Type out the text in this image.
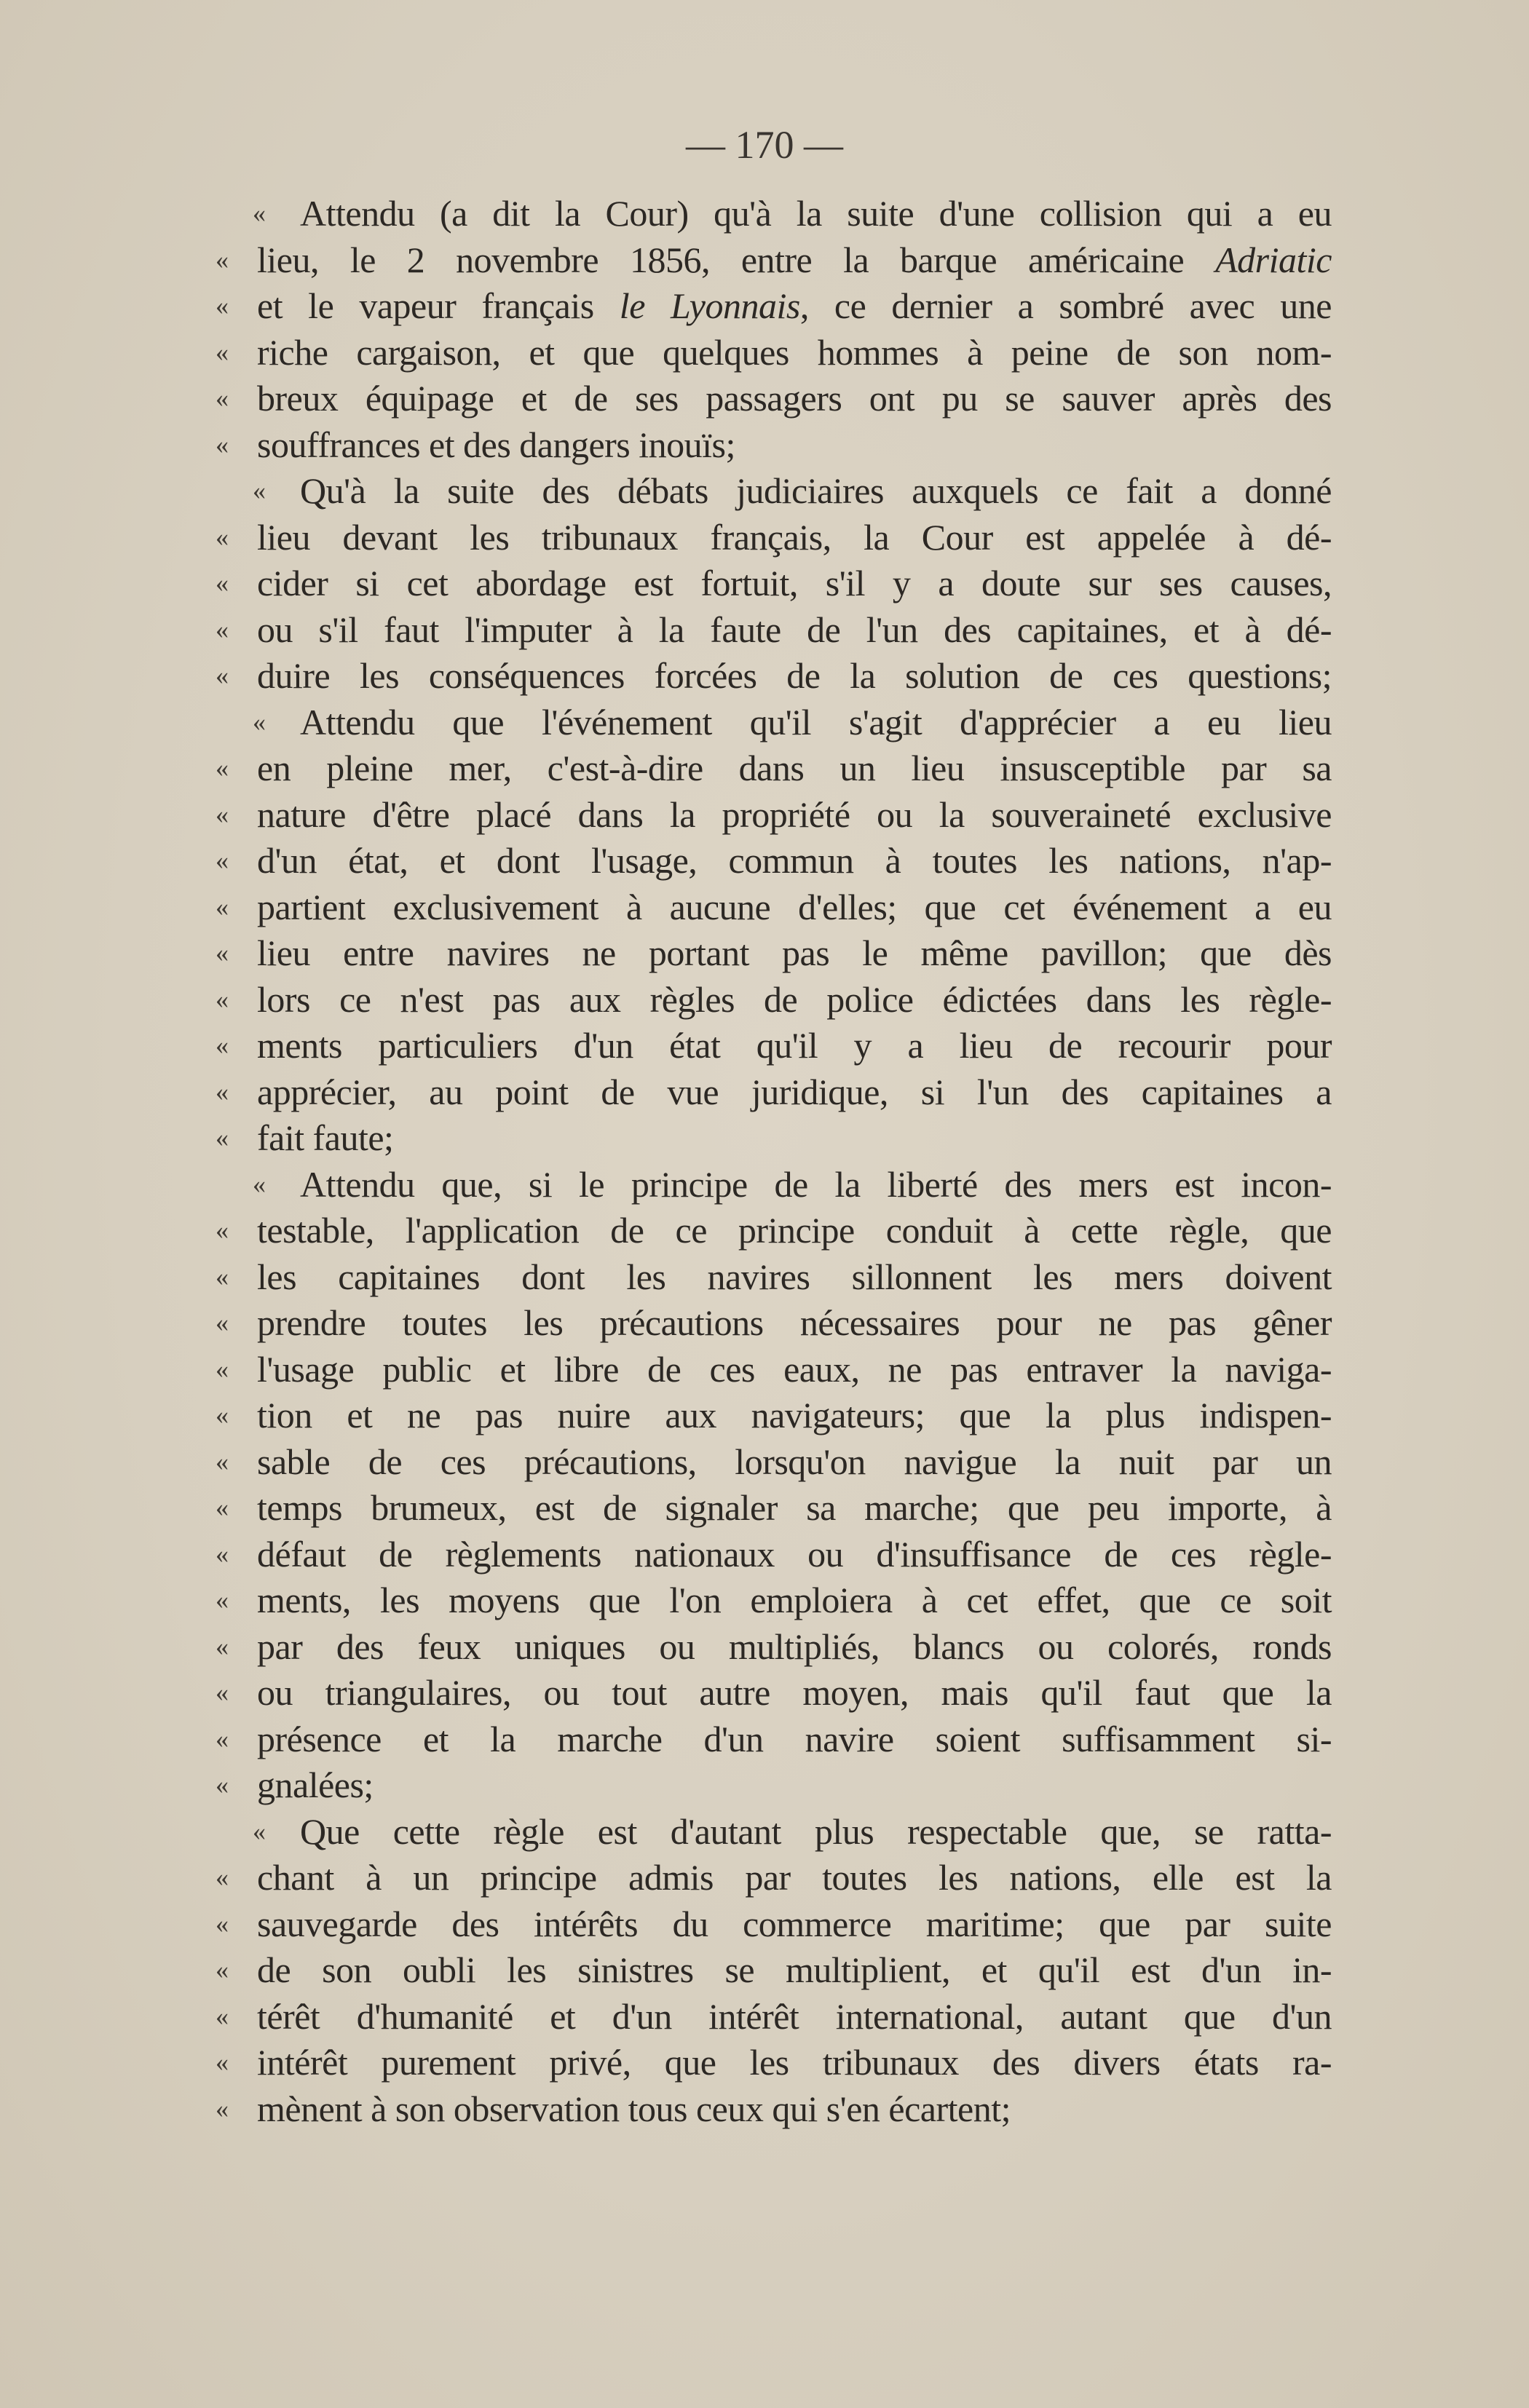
— 170 —
« Attendu (a dit la Cour) qu'à la suite d'une collision qui a eu
« lieu, le 2 novembre 1856, entre la barque américaine Adriatic
« et le vapeur français le Lyonnais, ce dernier a sombré avec une
« riche cargaison, et que quelques hommes à peine de son nom-
« breux équipage et de ses passagers ont pu se sauver après des
« souffrances et des dangers inouïs;
« Qu'à la suite des débats judiciaires auxquels ce fait a donné
« lieu devant les tribunaux français, la Cour est appelée à dé-
« cider si cet abordage est fortuit, s'il y a doute sur ses causes,
« ou s'il faut l'imputer à la faute de l'un des capitaines, et à dé-
« duire les conséquences forcées de la solution de ces questions;
« Attendu que l'événement qu'il s'agit d'apprécier a eu lieu
« en pleine mer, c'est-à-dire dans un lieu insusceptible par sa
« nature d'être placé dans la propriété ou la souveraineté exclusive
« d'un état, et dont l'usage, commun à toutes les nations, n'ap-
« partient exclusivement à aucune d'elles; que cet événement a eu
« lieu entre navires ne portant pas le même pavillon; que dès
« lors ce n'est pas aux règles de police édictées dans les règle-
« ments particuliers d'un état qu'il y a lieu de recourir pour
« apprécier, au point de vue juridique, si l'un des capitaines a
« fait faute;
« Attendu que, si le principe de la liberté des mers est incon-
« testable, l'application de ce principe conduit à cette règle, que
« les capitaines dont les navires sillonnent les mers doivent
« prendre toutes les précautions nécessaires pour ne pas gêner
« l'usage public et libre de ces eaux, ne pas entraver la naviga-
« tion et ne pas nuire aux navigateurs; que la plus indispen-
« sable de ces précautions, lorsqu'on navigue la nuit par un
« temps brumeux, est de signaler sa marche; que peu importe, à
« défaut de règlements nationaux ou d'insuffisance de ces règle-
« ments, les moyens que l'on emploiera à cet effet, que ce soit
« par des feux uniques ou multipliés, blancs ou colorés, ronds
« ou triangulaires, ou tout autre moyen, mais qu'il faut que la
« présence et la marche d'un navire soient suffisamment si-
« gnalées;
« Que cette règle est d'autant plus respectable que, se ratta-
« chant à un principe admis par toutes les nations, elle est la
« sauvegarde des intérêts du commerce maritime; que par suite
« de son oubli les sinistres se multiplient, et qu'il est d'un in-
« térêt d'humanité et d'un intérêt international, autant que d'un
« intérêt purement privé, que les tribunaux des divers états ra-
« mènent à son observation tous ceux qui s'en écartent;
